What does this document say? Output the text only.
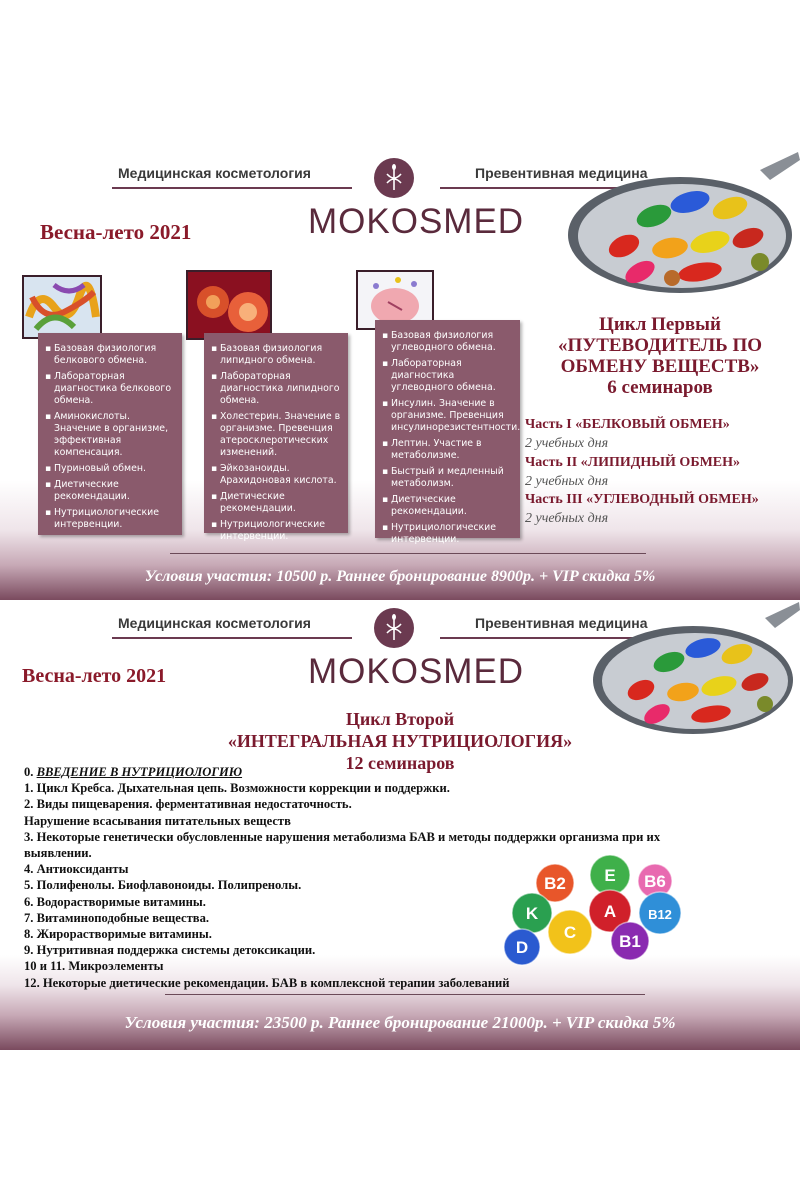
Медицинская косметология	Превентивная медицина
MOKOSMED
Весна-лето 2021
▪ Базовая физиология белкового обмена.
▪ Лабораторная диагностика белкового обмена.
▪ Аминокислоты. Значение в организме, эффективная компенсация.
▪ Пуриновый обмен.
▪ Диетические рекомендации.
▪ Нутрициологические интервенции.
▪ Базовая физиология липидного обмена.
▪ Лабораторная диагностика липидного обмена.
▪ Холестерин. Значение в организме. Превенция атеросклеротических изменений.
▪ Эйкозаноиды. Арахидоновая кислота.
▪ Диетические рекомендации.
▪ Нутрициологические интервенции.
▪ Базовая физиология углеводного обмена.
▪ Лабораторная диагностика углеводного обмена.
▪ Инсулин. Значение в организме. Превенция инсулинорезистентности.
▪ Лептин. Участие в метаболизме.
▪ Быстрый и медленный метаболизм.
▪ Диетические рекомендации.
▪ Нутрициологические интервенции.
Цикл Первый
«ПУТЕВОДИТЕЛЬ ПО
ОБМЕНУ ВЕЩЕСТВ»
6 семинаров
Часть I «БЕЛКОВЫЙ ОБМЕН»
2 учебных дня
Часть II «ЛИПИДНЫЙ ОБМЕН»
2 учебных дня
Часть III «УГЛЕВОДНЫЙ ОБМЕН»
2 учебных дня
Условия участия: 10500 р. Раннее бронирование 8900р. + VIP скидка 5%
Медицинская косметология	Превентивная медицина
MOKOSMED
Весна-лето 2021
Цикл Второй
«ИНТЕГРАЛЬНАЯ НУТРИЦИОЛОГИЯ»
12 семинаров
0. ВВЕДЕНИЕ В НУТРИЦИОЛОГИЮ
1. Цикл Кребса. Дыхательная цепь. Возможности коррекции и поддержки.
2. Виды пищеварения. ферментативная недостаточность.
Нарушение всасывания питательных веществ
3. Некоторые генетически обусловленные нарушения метаболизма БАВ и методы поддержки организма при их
выявлении.
4. Антиоксиданты
5. Полифенолы. Биофлавоноиды. Полипренолы.
6. Водорастворимые витамины.
7. Витаминоподобные вещества.
8. Жирорастворимые витамины.
9. Нутритивная поддержка системы детоксикации.
10 и 11. Микроэлементы
12. Некоторые диетические рекомендации. БАВ в комплексной терапии заболеваний
B2 E B6
K	A B12
C	B1
D
Условия участия: 23500 р. Раннее бронирование 21000р. + VIP скидка 5%
